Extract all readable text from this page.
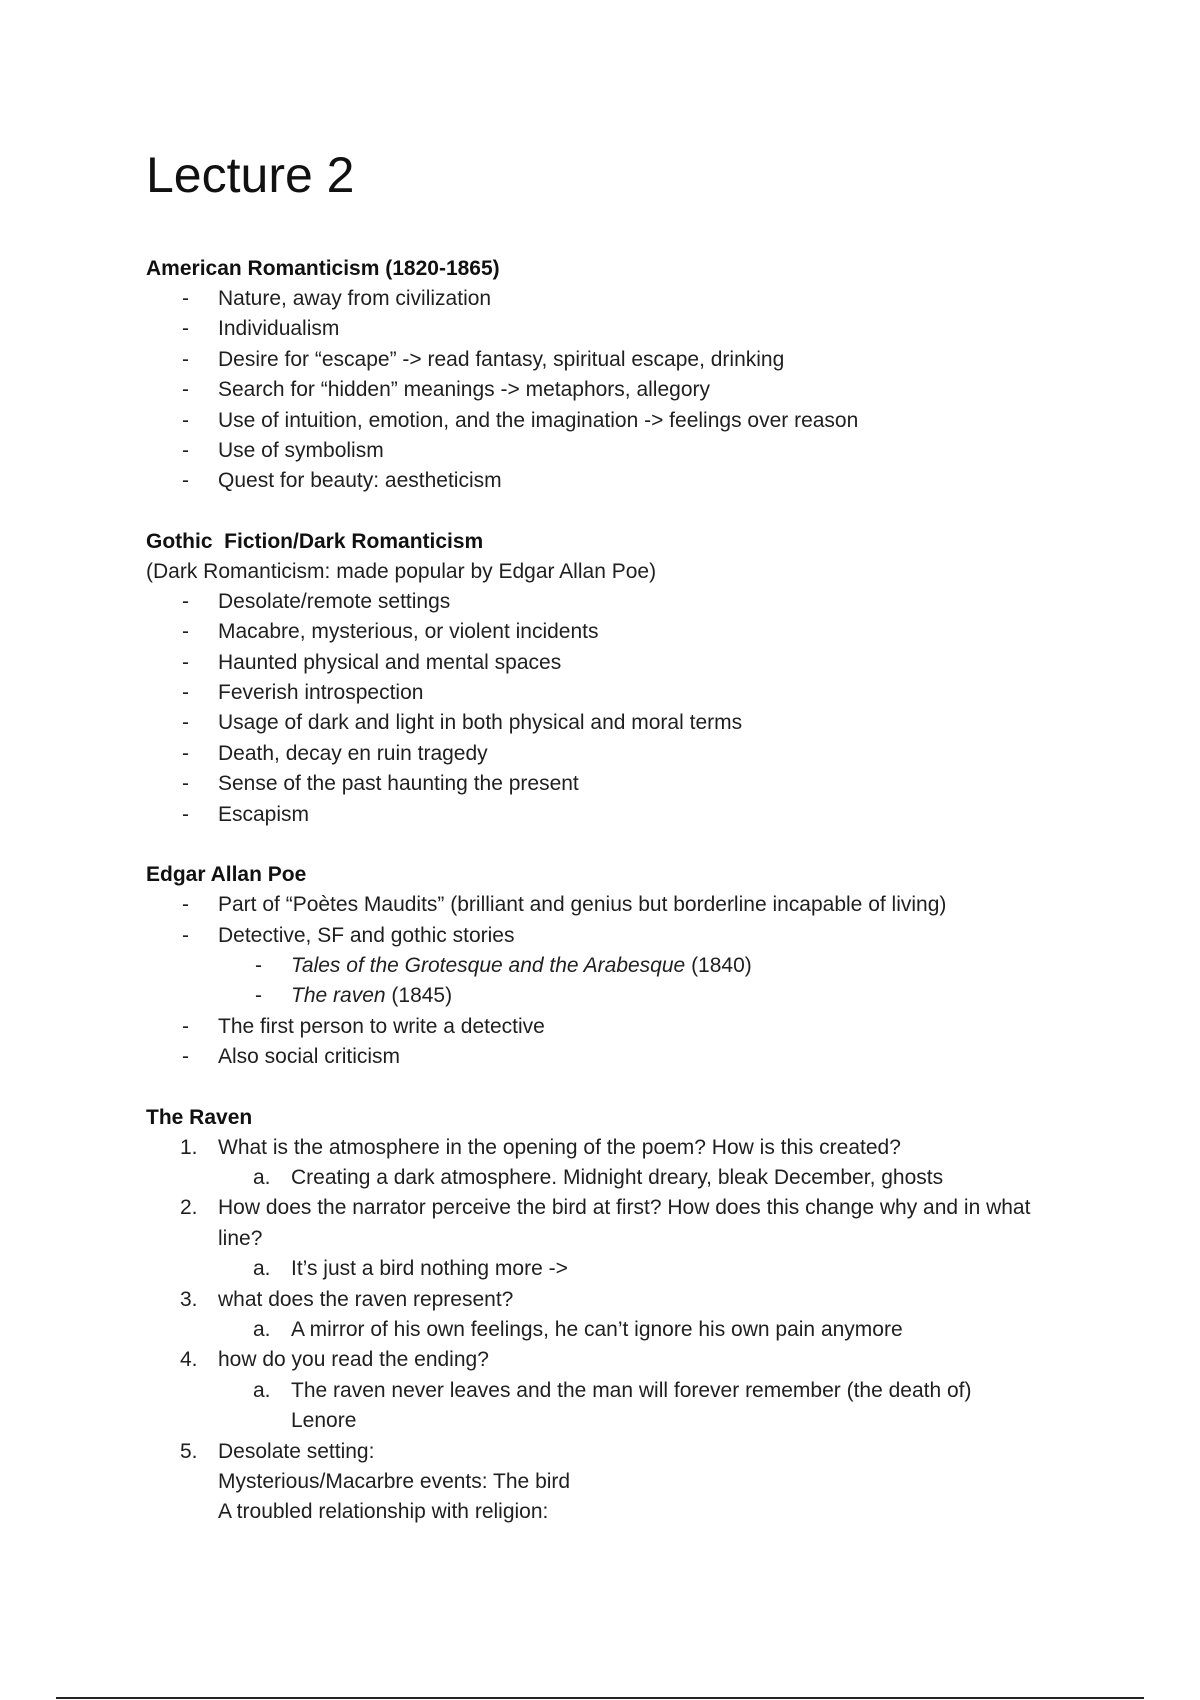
Lecture 2
American Romanticism (1820-1865)
- Nature, away from civilization
- Individualism
- Desire for “escape” -> read fantasy, spiritual escape, drinking
- Search for “hidden” meanings -> metaphors, allegory
- Use of intuition, emotion, and the imagination -> feelings over reason
- Use of symbolism
- Quest for beauty: aestheticism
Gothic  Fiction/Dark Romanticism
(Dark Romanticism: made popular by Edgar Allan Poe)
- Desolate/remote settings
- Macabre, mysterious, or violent incidents
- Haunted physical and mental spaces
- Feverish introspection
- Usage of dark and light in both physical and moral terms
- Death, decay en ruin tragedy
- Sense of the past haunting the present
- Escapism
Edgar Allan Poe
- Part of “Poètes Maudits” (brilliant and genius but borderline incapable of living)
- Detective, SF and gothic stories
- Tales of the Grotesque and the Arabesque (1840)
- The raven (1845)
- The first person to write a detective
- Also social criticism
The Raven
1. What is the atmosphere in the opening of the poem? How is this created?
a. Creating a dark atmosphere. Midnight dreary, bleak December, ghosts
2. How does the narrator perceive the bird at first? How does this change why and in what line?
a. It’s just a bird nothing more ->
3. what does the raven represent?
a. A mirror of his own feelings, he can’t ignore his own pain anymore
4. how do you read the ending?
a. The raven never leaves and the man will forever remember (the death of) Lenore
5. Desolate setting:
Mysterious/Macarbre events: The bird
A troubled relationship with religion:
